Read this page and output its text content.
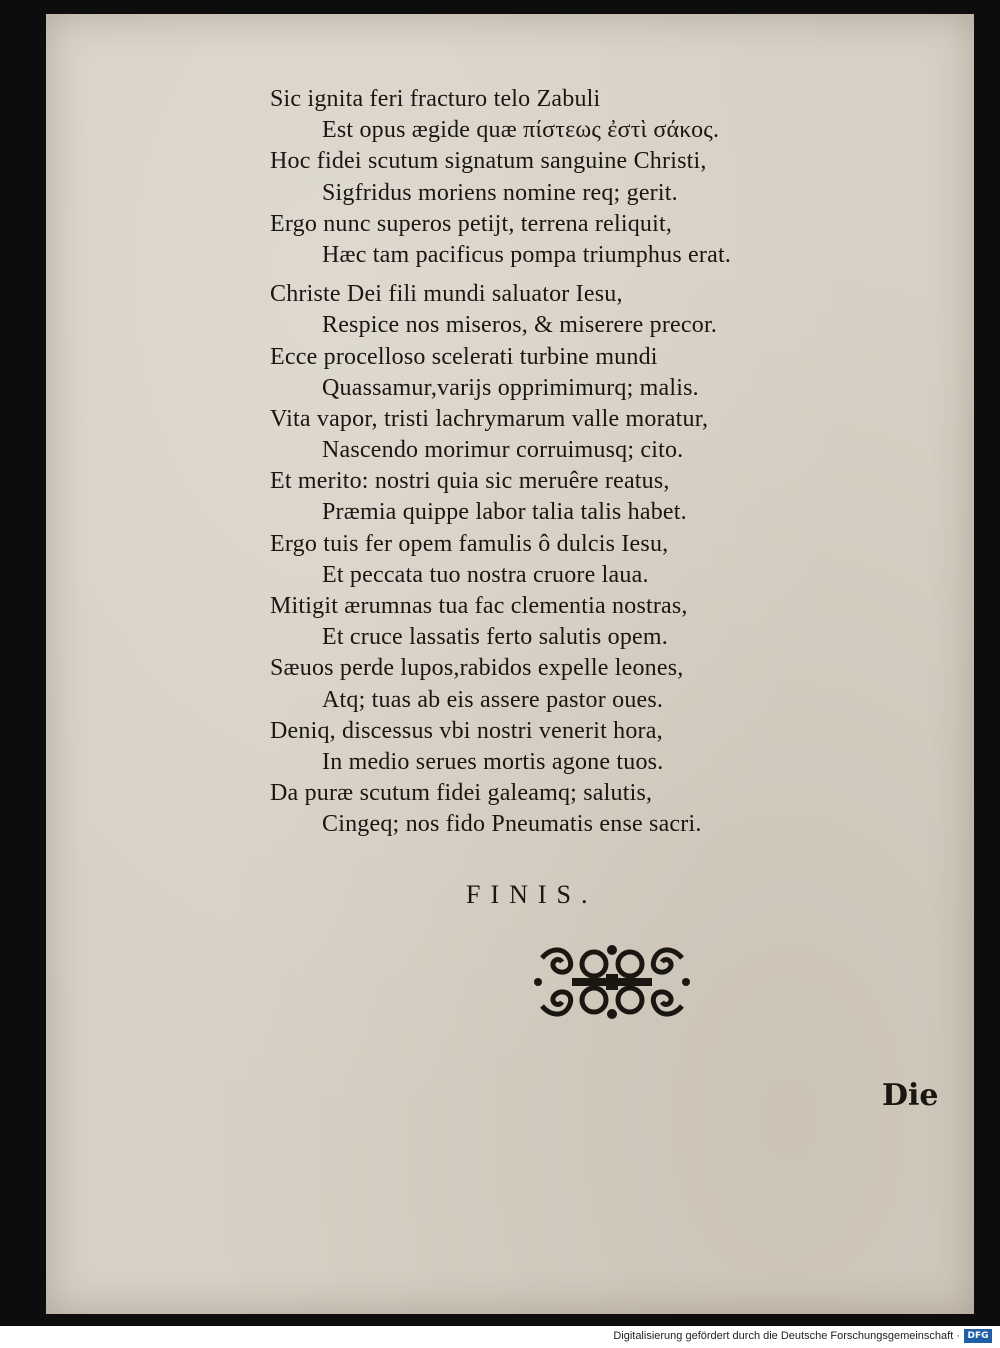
Sic ignita feri fracturo telo Zabuli
Est opus ægide quæ πίστεως ἐστὶ σάκος.
Hoc fidei scutum signatum sanguine Christi,
Sigfridus moriens nomine req; gerit.
Ergo nunc superos petijt, terrena reliquit,
Hæc tam pacificus pompa triumphus erat.
Christe Dei fili mundi saluator Iesu,
Respice nos miseros, & miserere precor.
Ecce procelloso scelerati turbine mundi
Quassamur,varijs opprimimurq; malis.
Vita vapor, tristi lachrymarum valle moratur,
Nascendo morimur corruimusq; cito.
Et merito: nostri quia sic meruêre reatus,
Præmia quippe labor talia talis habet.
Ergo tuis fer opem famulis ô dulcis Iesu,
Et peccata tuo nostra cruore laua.
Mitigit ærumnas tua fac clementia nostras,
Et cruce lassatis ferto salutis opem.
Sæuos perde lupos,rabidos expelle leones,
Atq; tuas ab eis assere pastor oues.
Deniq, discessus vbi nostri venerit hora,
In medio serues mortis agone tuos.
Da puræ scutum fidei galeamq; salutis,
Cingeq; nos fido Pneumatis ense sacri.
FINIS.
Die
Digitalisierung gefördert durch die Deutsche Forschungsgemeinschaft · DFG
